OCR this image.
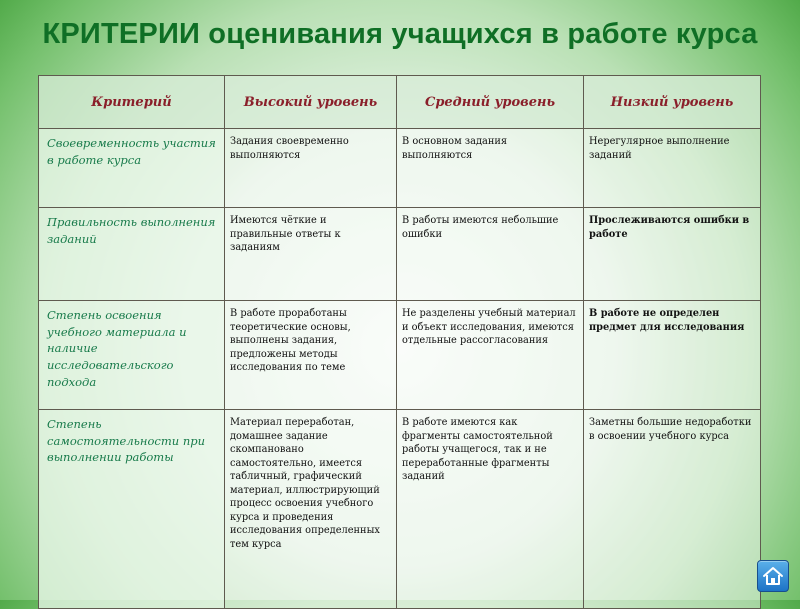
КРИТЕРИИ оценивания учащихся в работе курса
Критерий	Высокий уровень	Средний уровень	Низкий уровень
Своевременность участия в работе курса	Задания своевременно выполняются	В основном задания выполняются	Нерегулярное выполнение заданий
Правильность выполнения заданий	Имеются чёткие и правильные ответы к заданиям	В работы имеются небольшие ошибки	Прослеживаются ошибки в работе
Степень освоения учебного материала и наличие исследовательского подхода	В работе проработаны теоретические основы, выполнены задания, предложены методы исследования по теме	Не разделены учебный материал и объект исследования, имеются отдельные рассогласования	В работе не определен предмет для исследования
Степень самостоятельности при выполнении работы	Материал переработан, домашнее задание скомпановано самостоятельно, имеется табличный, графический материал, иллюстрирующий процесс освоения учебного курса и проведения исследования определенных тем курса	В работе имеются как фрагменты самостоятельной работы учащегося, так и не переработанные фрагменты заданий	Заметны большие недоработки в освоении учебного курса
